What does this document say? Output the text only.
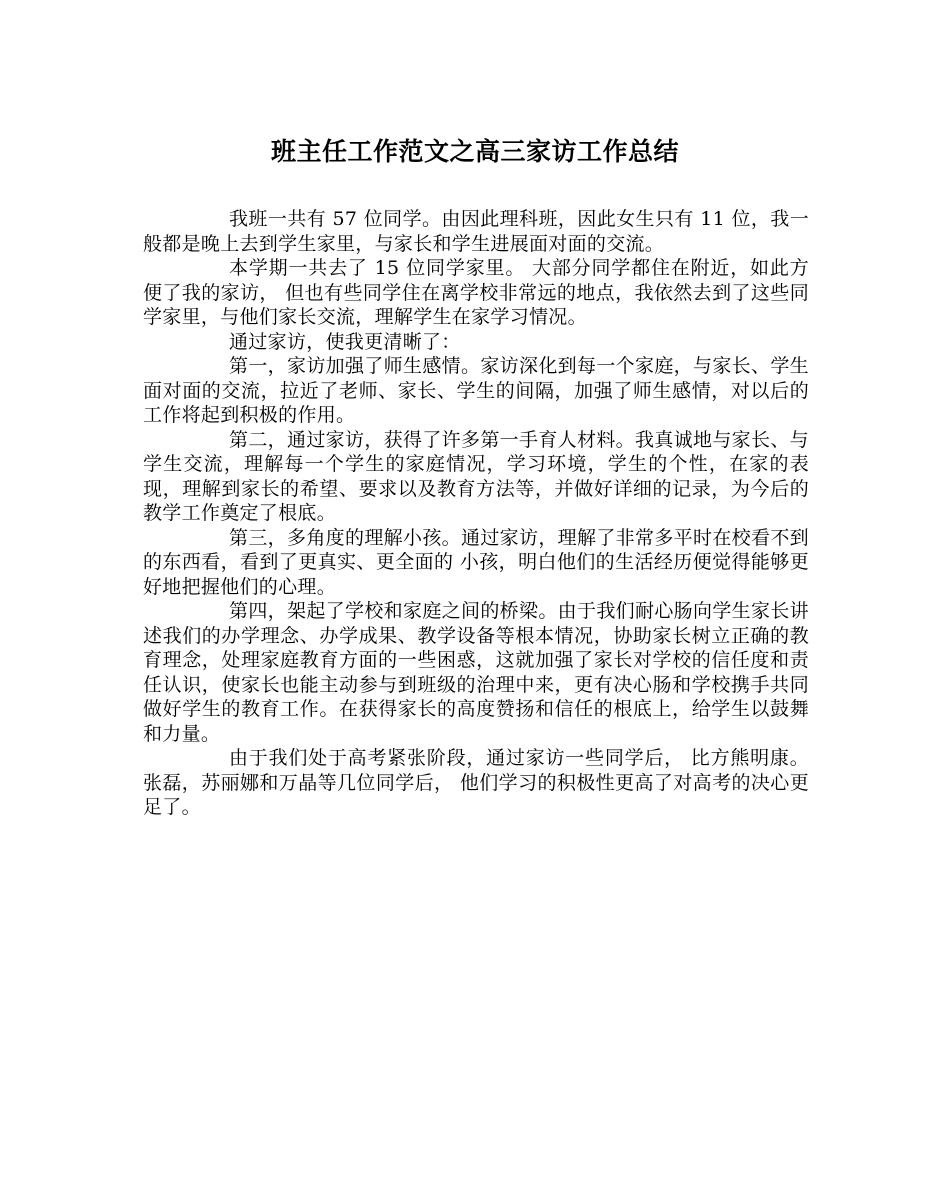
班主任工作范文之高三家访工作总结

我班一共有 57 位同学。由因此理科班，因此女生只有 11 位，我一般都是晚上去到学生家里，与家长和学生进展面对面的交流。

本学期一共去了 15 位同学家里。 大部分同学都住在附近，如此方便了我的家访， 但也有些同学住在离学校非常远的地点，我依然去到了这些同学家里，与他们家长交流，理解学生在家学习情况。

通过家访，使我更清晰了：

第一，家访加强了师生感情。家访深化到每一个家庭，与家长、学生面对面的交流，拉近了老师、家长、学生的间隔，加强了师生感情，对以后的工作将起到积极的作用。

第二，通过家访，获得了许多第一手育人材料。我真诚地与家长、与学生交流，理解每一个学生的家庭情况，学习环境，学生的个性，在家的表现，理解到家长的希望、要求以及教育方法等，并做好详细的记录，为今后的教学工作奠定了根底。

第三，多角度的理解小孩。通过家访，理解了非常多平时在校看不到的东西看，看到了更真实、更全面的 小孩，明白他们的生活经历便觉得能够更好地把握他们的心理。

第四，架起了学校和家庭之间的桥梁。由于我们耐心肠向学生家长讲述我们的办学理念、办学成果、教学设备等根本情况，协助家长树立正确的教育理念，处理家庭教育方面的一些困惑，这就加强了家长对学校的信任度和责任认识，使家长也能主动参与到班级的治理中来，更有决心肠和学校携手共同做好学生的教育工作。在获得家长的高度赞扬和信任的根底上，给学生以鼓舞和力量。

由于我们处于高考紧张阶段，通过家访一些同学后， 比方熊明康。张磊，苏丽娜和万晶等几位同学后， 他们学习的积极性更高了对高考的决心更足了。
